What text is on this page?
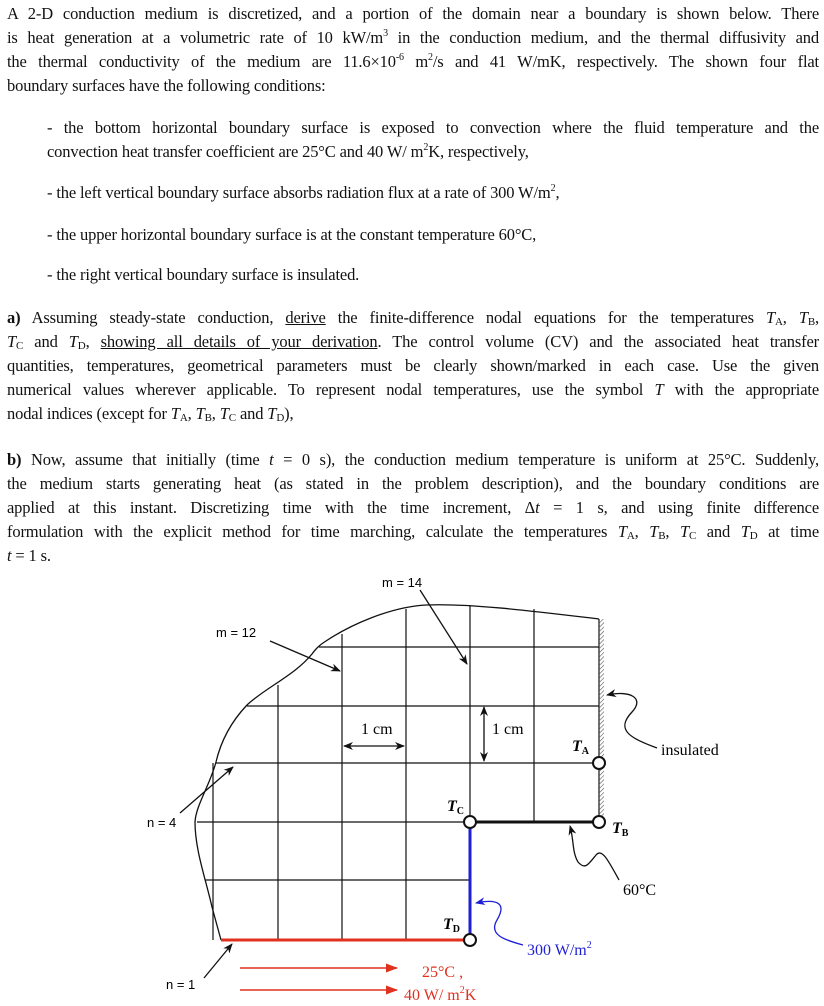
A 2-D conduction medium is discretized, and a portion of the domain near a boundary is shown below. There
is heat generation at a volumetric rate of 10 $kW/m^3$ in the conduction medium, and the thermal diffusivity and
the thermal conductivity of the medium are $11.6\times 10^{-6}$ $m^2/s$ and 41 W/mK, respectively. The shown four flat
boundary surfaces have the following conditions:
- the bottom horizontal boundary surface is exposed to convection where the fluid temperature and the
convection heat transfer coefficient are 25°C and 40 W/ $m^2K$, respectively,
- the left vertical boundary surface absorbs radiation flux at a rate of 300 $W/m^2$,
- the upper horizontal boundary surface is at the constant temperature 60°C,
- the right vertical boundary surface is insulated.
a) Assuming steady-state conduction, derive the finite-difference nodal equations for the temperatures TA, TB,
TC and TD, showing all details of your derivation. The control volume (CV) and the associated heat transfer
quantities, temperatures, geometrical parameters must be clearly shown/marked in each case. Use the given
numerical values wherever applicable. To represent nodal temperatures, use the symbol T with the appropriate
nodal indices (except for TA, TB, TC and TD),
b) Now, assume that initially (time t = 0 s), the conduction medium temperature is uniform at 25°C. Suddenly,
the medium starts generating heat (as stated in the problem description), and the boundary conditions are
applied at this instant. Discretizing time with the time increment, Δt = 1 s, and using finite difference
formulation with the explicit method for time marching, calculate the temperatures TA, TB, TC and TD at time
t = 1 s.
m = 14
m = 12
n = 4
n = 1
1 cm	1 cm
TA
TB
TC
TD
insulated
60°C
300 $W/m^2$
25°C ,
40 W/ $m^2K$
